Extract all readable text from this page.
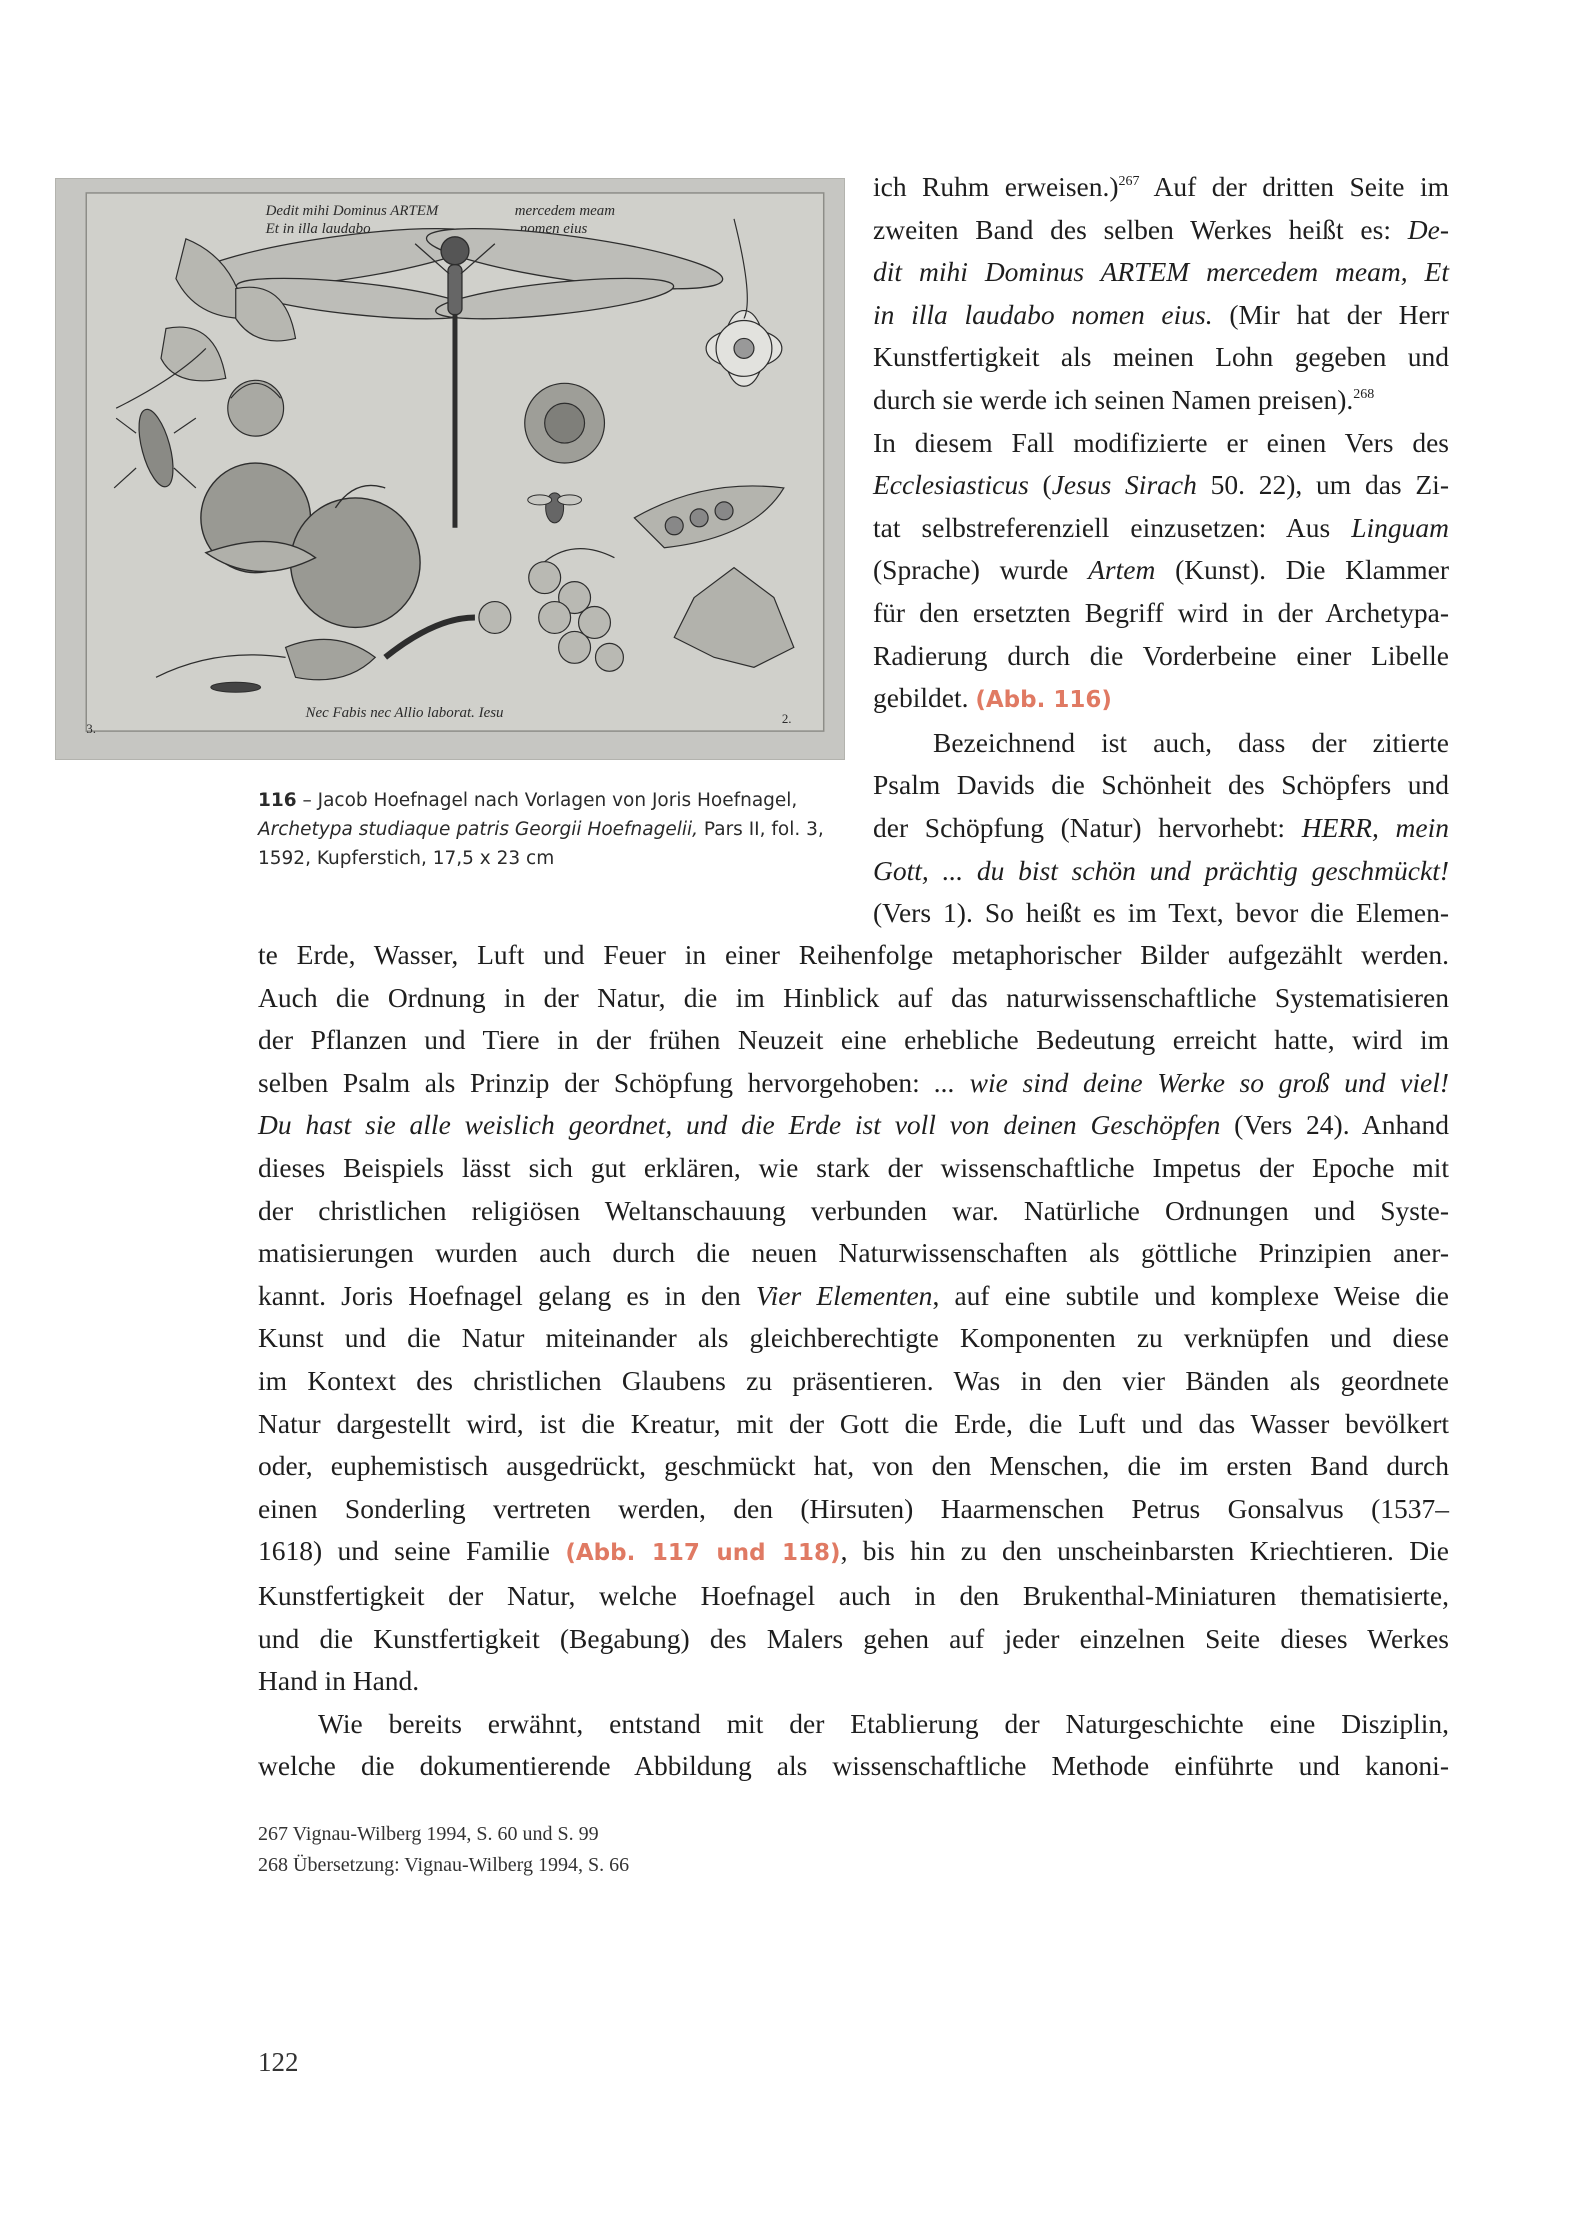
Dedit mihi Dominus ARTEM
Et in illa laudabo
mercedem meam
nomen eius
Nec Fabis nec Allio laborat. Iesu
3.
2.
116 – Jacob Hoefnagel nach Vorlagen von Joris Hoefnagel,
Archetypa studiaque patris Georgii Hoefnagelii, Pars II, fol. 3,
1592, Kupferstich, 17,5 x 23 cm
ich Ruhm erweisen.)$^{267}$ Auf der dritten Seite im
zweiten Band des selben Werkes heißt es: De-
dit mihi Dominus ARTEM mercedem meam, Et
in illa laudabo nomen eius. (Mir hat der Herr
Kunstfertigkeit als meinen Lohn gegeben und
durch sie werde ich seinen Namen preisen).$^{268}$
In diesem Fall modifizierte er einen Vers des
Ecclesiasticus (Jesus Sirach 50. 22), um das Zi-
tat selbstreferenziell einzusetzen: Aus Linguam
(Sprache) wurde Artem (Kunst). Die Klammer
für den ersetzten Begriff wird in der Archetypa-
Radierung durch die Vorderbeine einer Libelle
gebildet. (Abb. 116)
Bezeichnend ist auch, dass der zitierte
Psalm Davids die Schönheit des Schöpfers und
der Schöpfung (Natur) hervorhebt: HERR, mein
Gott, ... du bist schön und prächtig geschmückt!
(Vers 1). So heißt es im Text, bevor die Elemen-
te Erde, Wasser, Luft und Feuer in einer Reihenfolge metaphorischer Bilder aufgezählt werden.
Auch die Ordnung in der Natur, die im Hinblick auf das naturwissenschaftliche Systematisieren
der Pflanzen und Tiere in der frühen Neuzeit eine erhebliche Bedeutung erreicht hatte, wird im
selben Psalm als Prinzip der Schöpfung hervorgehoben: ... wie sind deine Werke so groß und viel!
Du hast sie alle weislich geordnet, und die Erde ist voll von deinen Geschöpfen (Vers 24). Anhand
dieses Beispiels lässt sich gut erklären, wie stark der wissenschaftliche Impetus der Epoche mit
der christlichen religiösen Weltanschauung verbunden war. Natürliche Ordnungen und Syste-
matisierungen wurden auch durch die neuen Naturwissenschaften als göttliche Prinzipien aner-
kannt. Joris Hoefnagel gelang es in den Vier Elementen, auf eine subtile und komplexe Weise die
Kunst und die Natur miteinander als gleichberechtigte Komponenten zu verknüpfen und diese
im Kontext des christlichen Glaubens zu präsentieren. Was in den vier Bänden als geordnete
Natur dargestellt wird, ist die Kreatur, mit der Gott die Erde, die Luft und das Wasser bevölkert
oder, euphemistisch ausgedrückt, geschmückt hat, von den Menschen, die im ersten Band durch
einen Sonderling vertreten werden, den (Hirsuten) Haarmenschen Petrus Gonsalvus (1537–
1618) und seine Familie (Abb. 117 und 118), bis hin zu den unscheinbarsten Kriechtieren. Die
Kunstfertigkeit der Natur, welche Hoefnagel auch in den Brukenthal-Miniaturen thematisierte,
und die Kunstfertigkeit (Begabung) des Malers gehen auf jeder einzelnen Seite dieses Werkes
Hand in Hand.
Wie bereits erwähnt, entstand mit der Etablierung der Naturgeschichte eine Disziplin,
welche die dokumentierende Abbildung als wissenschaftliche Methode einführte und kanoni-
267 Vignau-Wilberg 1994, S. 60 und S. 99
268 Übersetzung: Vignau-Wilberg 1994, S. 66
122
